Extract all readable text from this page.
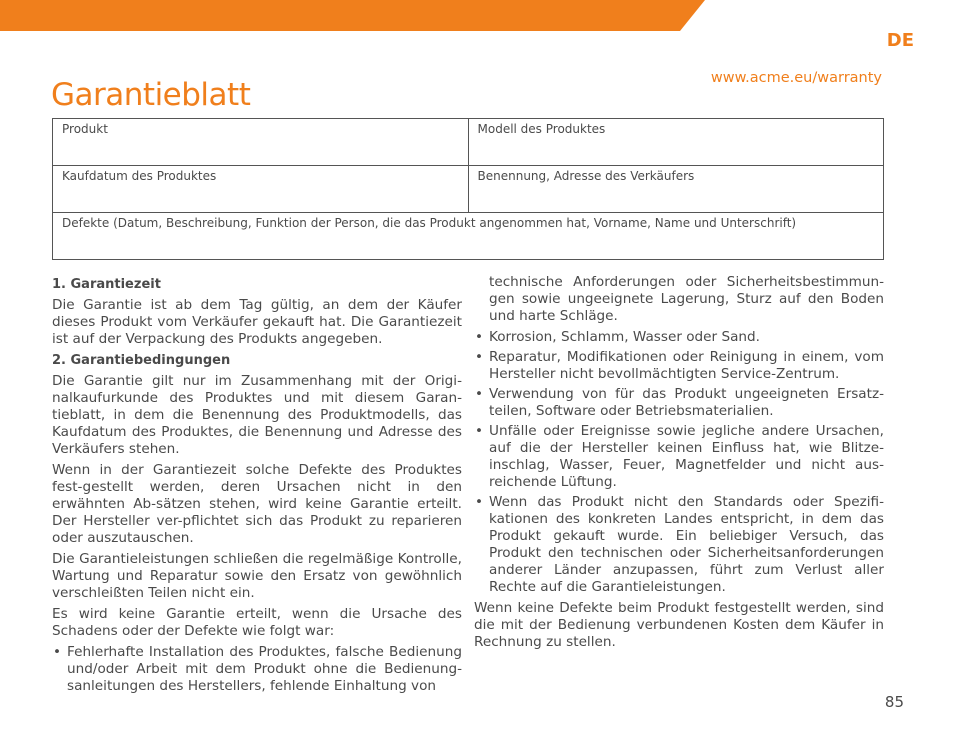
DE
Garantieblatt	www.acme.eu/warranty
Produkt	Modell des Produktes
Kaufdatum des Produktes	Benennung, Adresse des Verkäufers
Defekte (Datum, Beschreibung, Funktion der Person, die das Produkt angenommen hat, Vorname, Name und Unterschrift)	
1. Garantiezeit

Die Garantie ist ab dem Tag gültig, an dem der Käufer dieses Produkt vom Verkäufer gekauft hat. Die Garantiezeit ist auf der Verpackung des Produkts angegeben.

2. Garantiebedingungen

Die Garantie gilt nur im Zusammenhang mit der Origi-nalkaufurkunde des Produktes und mit diesem Garan-tieblatt, in dem die Benennung des Produktmodells, das Kaufdatum des Produktes, die Benennung und Adresse des Verkäufers stehen.

Wenn in der Garantiezeit solche Defekte des Produktes fest-gestellt werden, deren Ursachen nicht in den erwähnten Ab-sätzen stehen, wird keine Garantie erteilt. Der Hersteller ver-pflichtet sich das Produkt zu reparieren oder auszutauschen.

Die Garantieleistungen schließen die regelmäßige Kontrolle, Wartung und Reparatur sowie den Ersatz von gewöhnlich verschleißten Teilen nicht ein.

Es wird keine Garantie erteilt, wenn die Ursache des Schadens oder der Defekte wie folgt war:

• Fehlerhafte Installation des Produktes, falsche Bedienung und/oder Arbeit mit dem Produkt ohne die Bedienung-sanleitungen des Herstellers, fehlende Einhaltung von
technische Anforderungen oder Sicherheitsbestimmun-gen sowie ungeeignete Lagerung, Sturz auf den Boden und harte Schläge.
• Korrosion, Schlamm, Wasser oder Sand.
• Reparatur, Modifikationen oder Reinigung in einem, vom Hersteller nicht bevollmächtigten Service-Zentrum.
• Verwendung von für das Produkt ungeeigneten Ersatz-teilen, Software oder Betriebsmaterialien.
• Unfälle oder Ereignisse sowie jegliche andere Ursachen, auf die der Hersteller keinen Einfluss hat, wie Blitze-inschlag, Wasser, Feuer, Magnetfelder und nicht aus-reichende Lüftung.
• Wenn das Produkt nicht den Standards oder Spezifi-kationen des konkreten Landes entspricht, in dem das Produkt gekauft wurde. Ein beliebiger Versuch, das Produkt den technischen oder Sicherheitsanforderungen anderer Länder anzupassen, führt zum Verlust aller Rechte auf die Garantieleistungen.

Wenn keine Defekte beim Produkt festgestellt werden, sind die mit der Bedienung verbundenen Kosten dem Käufer in Rechnung zu stellen.

85
